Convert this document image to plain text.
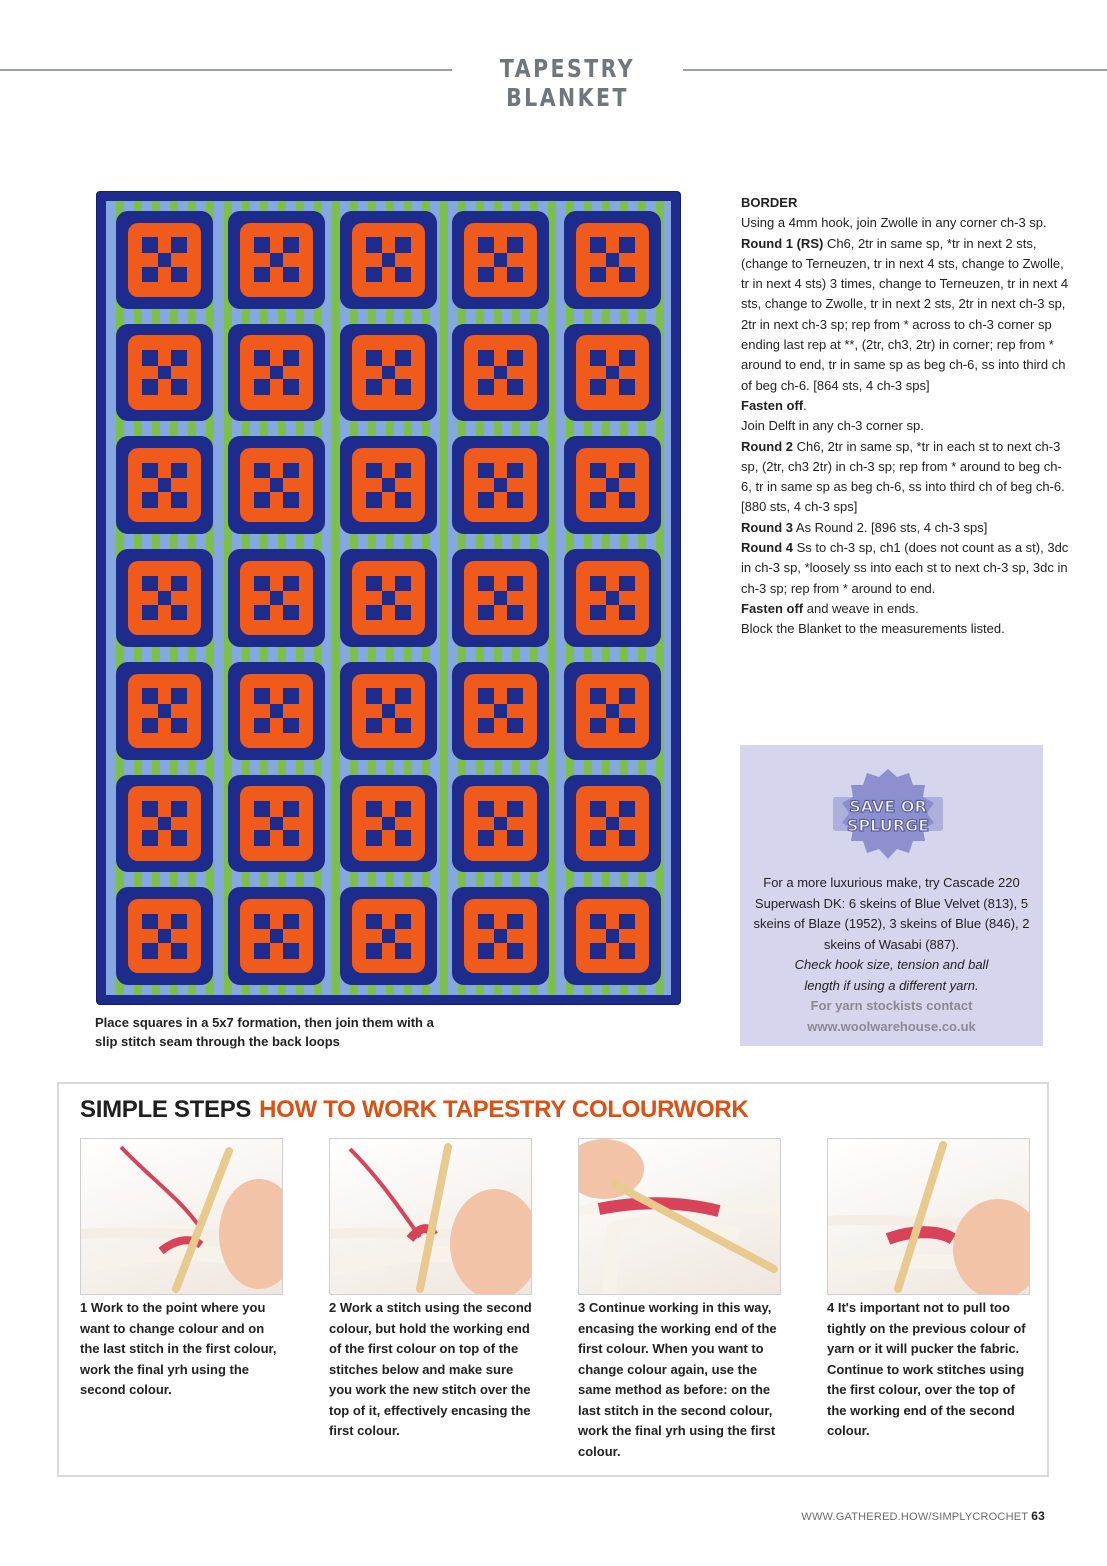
TAPESTRY BLANKET
Place squares in a 5x7 formation, then join them with a slip stitch seam through the back loops
BORDER
Using a 4mm hook, join Zwolle in any corner ch-3 sp.
Round 1 (RS) Ch6, 2tr in same sp, *tr in next 2 sts, (change to Terneuzen, tr in next 4 sts, change to Zwolle, tr in next 4 sts) 3 times, change to Terneuzen, tr in next 4 sts, change to Zwolle, tr in next 2 sts, 2tr in next ch-3 sp, 2tr in next ch-3 sp; rep from * across to ch-3 corner sp ending last rep at **, (2tr, ch3, 2tr) in corner; rep from * around to end, tr in same sp as beg ch-6, ss into third ch of beg ch-6. [864 sts, 4 ch-3 sps]
Fasten off.
Join Delft in any ch-3 corner sp.
Round 2 Ch6, 2tr in same sp, *tr in each st to next ch-3 sp, (2tr, ch3 2tr) in ch-3 sp; rep from * around to beg ch-6, tr in same sp as beg ch-6, ss into third ch of beg ch-6. [880 sts, 4 ch-3 sps]
Round 3 As Round 2. [896 sts, 4 ch-3 sps]
Round 4 Ss to ch-3 sp, ch1 (does not count as a st), 3dc in ch-3 sp, *loosely ss into each st to next ch-3 sp, 3dc in ch-3 sp; rep from * around to end.
Fasten off and weave in ends.
Block the Blanket to the measurements listed.
SAVE OR
SPLURGE
For a more luxurious make, try Cascade 220 Superwash DK: 6 skeins of Blue Velvet (813), 5 skeins of Blaze (1952), 3 skeins of Blue (846), 2 skeins of Wasabi (887).
Check hook size, tension and ball length if using a different yarn.
For yarn stockists contact
www.woolwarehouse.co.uk
SIMPLE STEPS HOW TO WORK TAPESTRY COLOURWORK
1 Work to the point where you want to change colour and on the last stitch in the first colour, work the final yrh using the second colour.
2 Work a stitch using the second colour, but hold the working end of the first colour on top of the stitches below and make sure you work the new stitch over the top of it, effectively encasing the first colour.
3 Continue working in this way, encasing the working end of the first colour. When you want to change colour again, use the same method as before: on the last stitch in the second colour, work the final yrh using the first colour.
4 It's important not to pull too tightly on the previous colour of yarn or it will pucker the fabric. Continue to work stitches using the first colour, over the top of the working end of the second colour.
WWW.GATHERED.HOW/SIMPLYCROCHET 63
